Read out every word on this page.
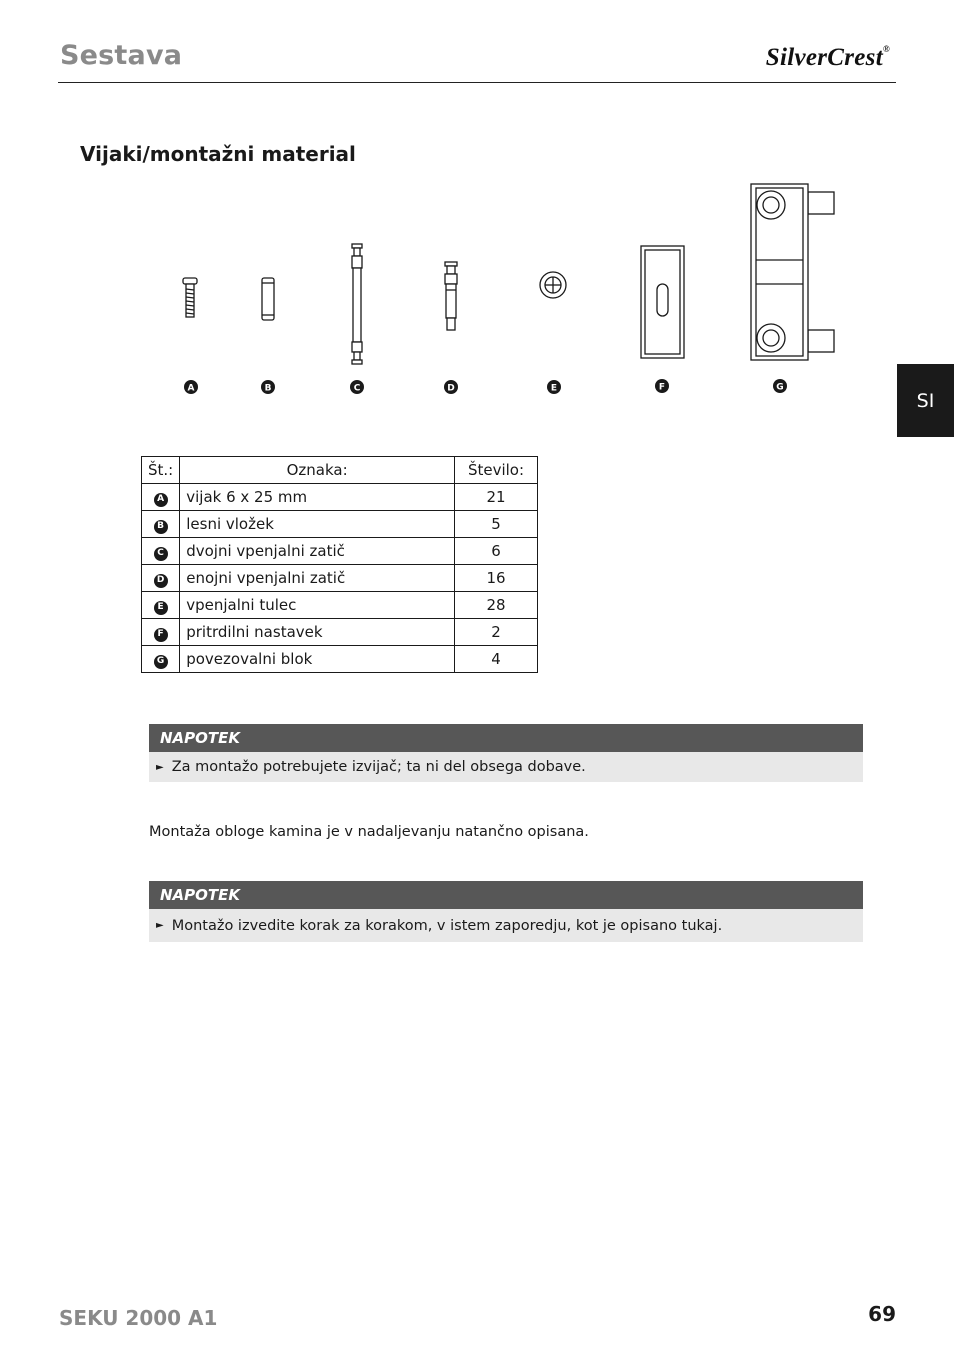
Sestava	SilverCrest®
Vijaki/montažni material
A	B	C	D	E	F	G
SI
Št.:	Oznaka:	Število:
A	vijak 6 x 25 mm	21
B	lesni vložek	5
C	dvojni vpenjalni zatič	6
D	enojni vpenjalni zatič	16
E	vpenjalni tulec	28
F	pritrdilni nastavek	2
G	povezovalni blok	4
NAPOTEK
► Za montažo potrebujete izvijač; ta ni del obsega dobave.
Montaža obloge kamina je v nadaljevanju natančno opisana.
NAPOTEK
► Montažo izvedite korak za korakom, v istem zaporedju, kot je opisano tukaj.
SEKU 2000 A1	69
